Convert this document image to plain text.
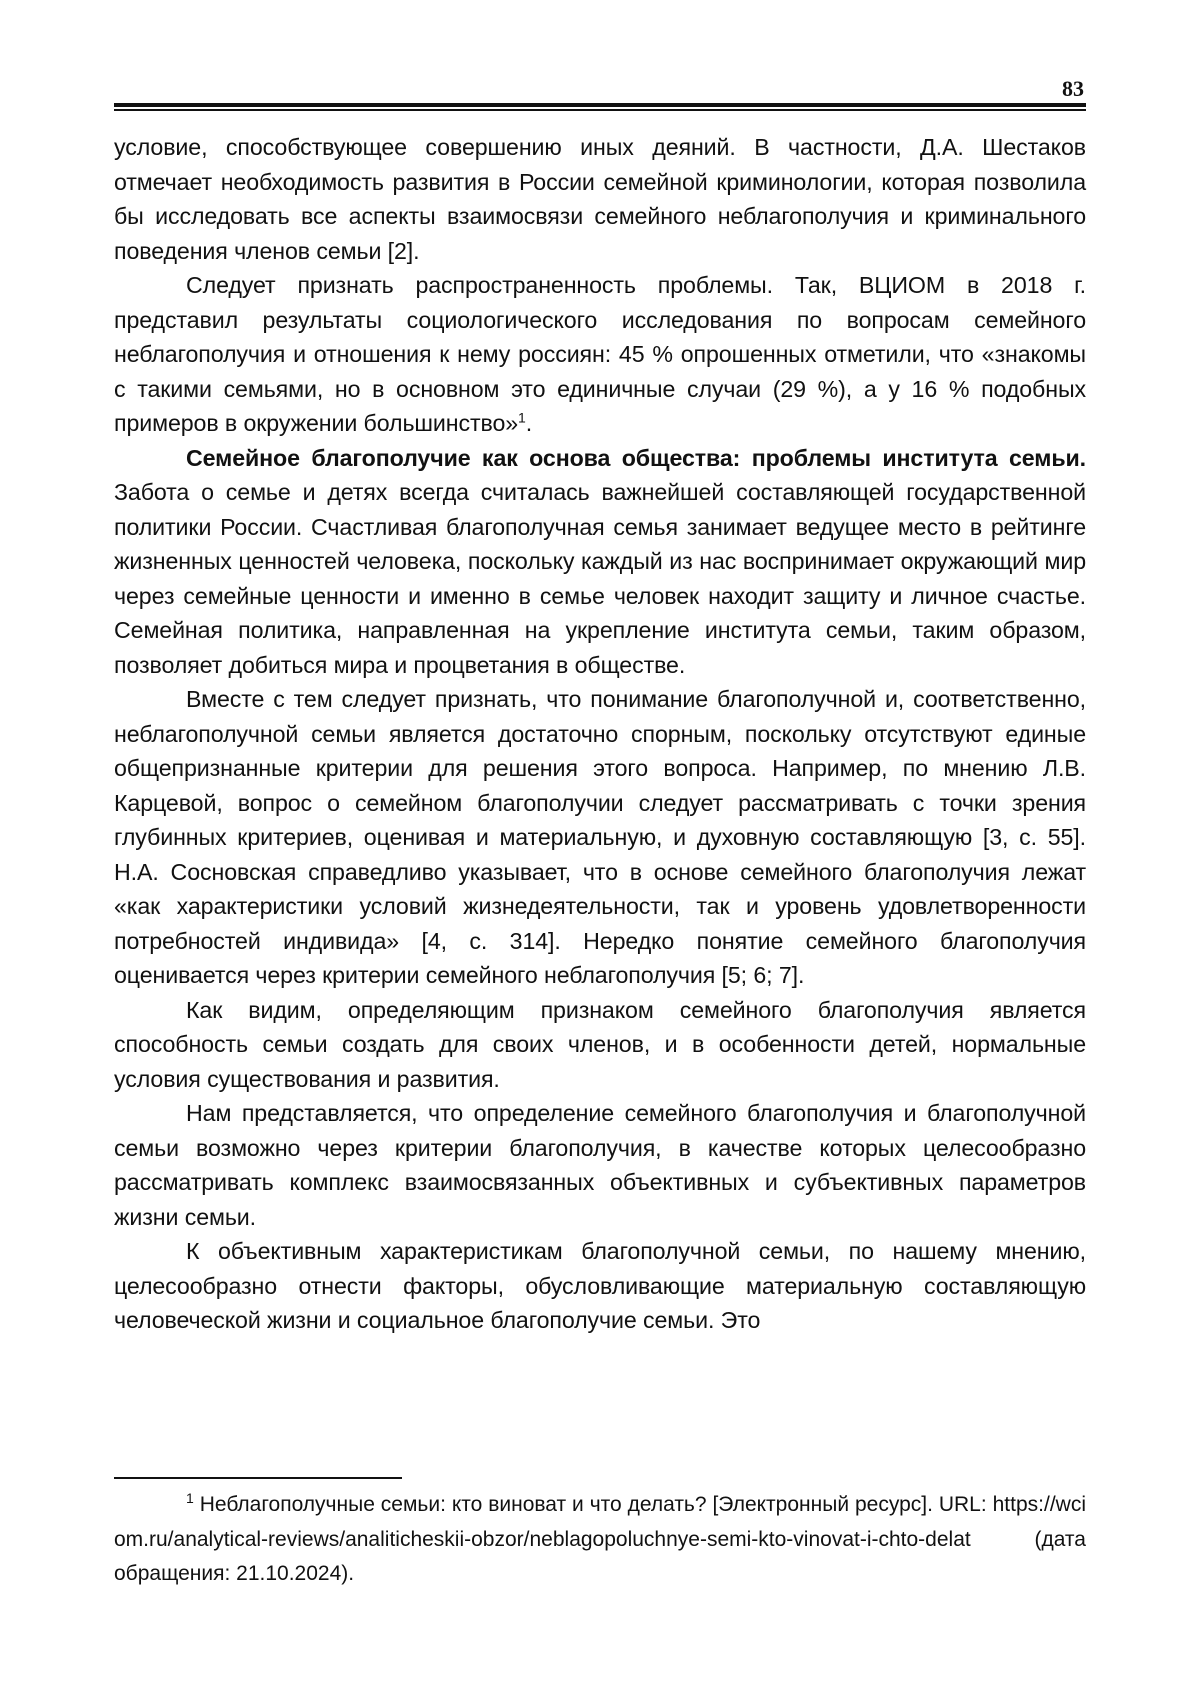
83

условие, способствующее совершению иных деяний. В частности, Д.А. Шестаков отмечает необходимость развития в России семейной криминологии, которая позволила бы исследовать все аспекты взаимосвязи семейного неблагополучия и криминального поведения членов семьи [2].

Следует признать распространенность проблемы. Так, ВЦИОМ в 2018 г. представил результаты социологического исследования по вопросам семейного неблагополучия и отношения к нему россиян: 45 % опрошенных отметили, что «знакомы с такими семьями, но в основном это единичные случаи (29 %), а у 16 % подобных примеров в окружении большинство»$^1$.

Семейное благополучие как основа общества: проблемы института семьи. Забота о семье и детях всегда считалась важнейшей составляющей государственной политики России. Счастливая благополучная семья занимает ведущее место в рейтинге жизненных ценностей человека, поскольку каждый из нас воспринимает окружающий мир через семейные ценности и именно в семье человек находит защиту и личное счастье. Семейная политика, направленная на укрепление института семьи, таким образом, позволяет добиться мира и процветания в обществе.

Вместе с тем следует признать, что понимание благополучной и, соответственно, неблагополучной семьи является достаточно спорным, поскольку отсутствуют единые общепризнанные критерии для решения этого вопроса. Например, по мнению Л.В. Карцевой, вопрос о семейном благополучии следует рассматривать с точки зрения глубинных критериев, оценивая и материальную, и духовную составляющую [3, с. 55]. Н.А. Сосновская справедливо указывает, что в основе семейного благополучия лежат «как характеристики условий жизнедеятельности, так и уровень удовлетворенности потребностей индивида» [4, с. 314]. Нередко понятие семейного благополучия оценивается через критерии семейного неблагополучия [5; 6; 7].

Как видим, определяющим признаком семейного благополучия является способность семьи создать для своих членов, и в особенности детей, нормальные условия существования и развития.

Нам представляется, что определение семейного благополучия и благополучной семьи возможно через критерии благополучия, в качестве которых целесообразно рассматривать комплекс взаимосвязанных объективных и субъективных параметров жизни семьи.

К объективным характеристикам благополучной семьи, по нашему мнению, целесообразно отнести факторы, обусловливающие материальную составляющую человеческой жизни и социальное благополучие семьи. Это

$^1$ Неблагополучные семьи: кто виноват и что делать? [Электронный ресурс]. URL: https://wciom.ru/analytical-reviews/analiticheskii-obzor/neblagopoluchnye-semi-kto-vinovat-i-chto-delat (дата обращения: 21.10.2024).
